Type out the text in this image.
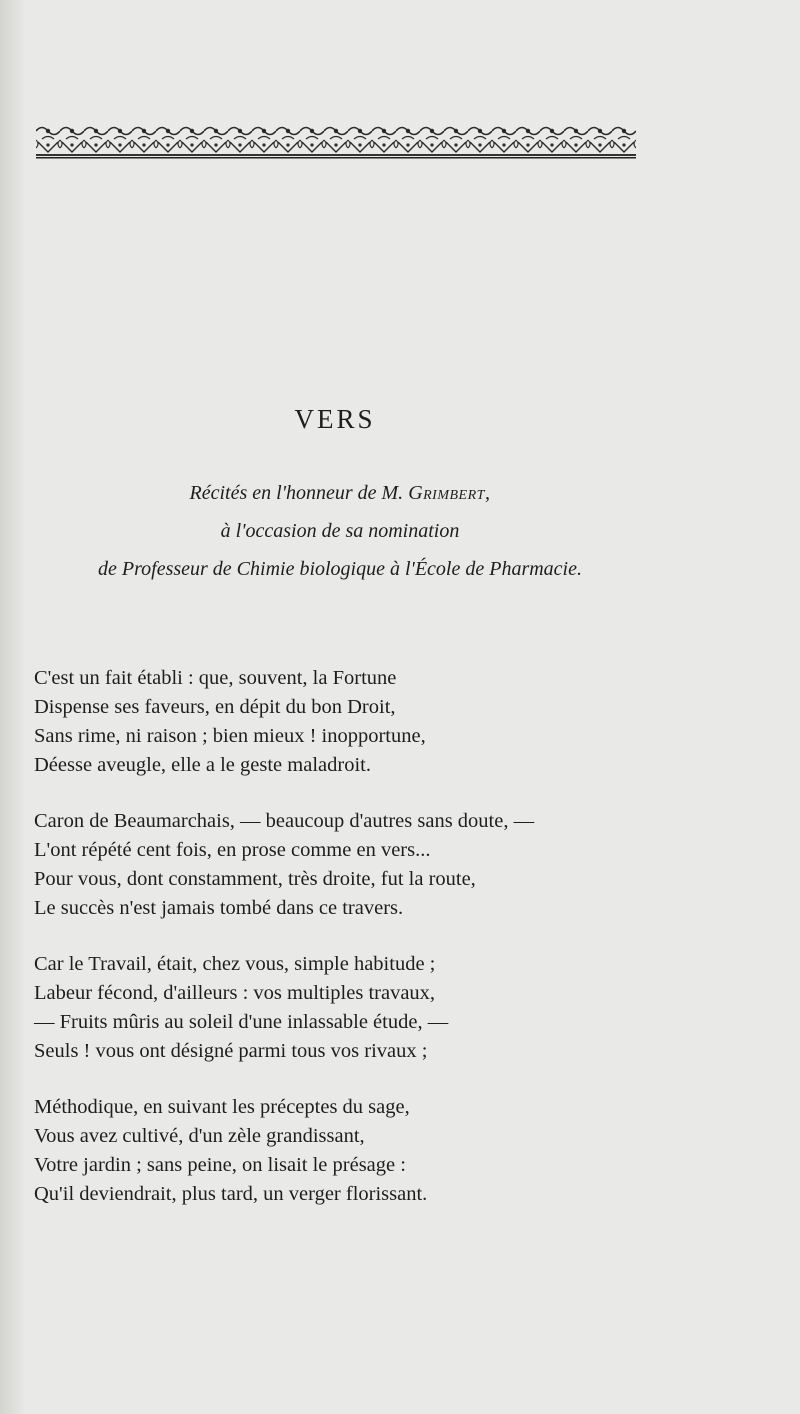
VERS
Récités en l'honneur de M. Grimbert,
à l'occasion de sa nomination
de Professeur de Chimie biologique à l'École de Pharmacie.
C'est un fait établi : que, souvent, la Fortune
Dispense ses faveurs, en dépit du bon Droit,
Sans rime, ni raison ; bien mieux ! inopportune,
Déesse aveugle, elle a le geste maladroit.
Caron de Beaumarchais, — beaucoup d'autres sans doute, —
L'ont répété cent fois, en prose comme en vers...
Pour vous, dont constamment, très droite, fut la route,
Le succès n'est jamais tombé dans ce travers.
Car le Travail, était, chez vous, simple habitude ;
Labeur fécond, d'ailleurs : vos multiples travaux,
— Fruits mûris au soleil d'une inlassable étude, —
Seuls ! vous ont désigné parmi tous vos rivaux ;
Méthodique, en suivant les préceptes du sage,
Vous avez cultivé, d'un zèle grandissant,
Votre jardin ; sans peine, on lisait le présage :
Qu'il deviendrait, plus tard, un verger florissant.
